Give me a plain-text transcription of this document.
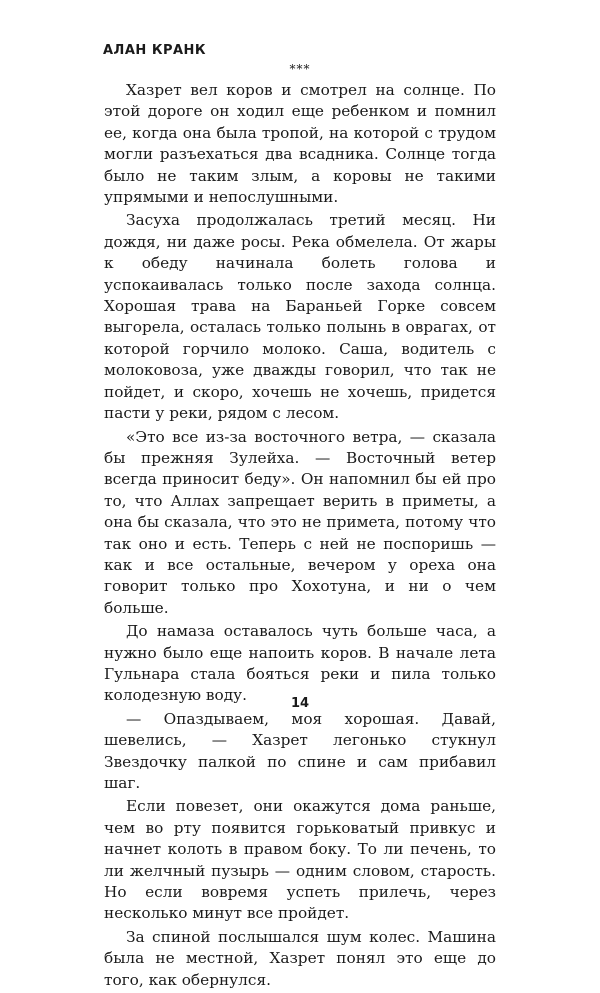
АЛАН КРАНК
***

Хазрет вел коров и смотрел на солнце. По этой дороге он ходил еще ребенком и помнил ее, когда она была тропой, на которой с трудом могли разъехаться два всадника. Солнце тогда было не таким злым, а коровы не такими упрямыми и непослушными.

Засуха продолжалась третий месяц. Ни дождя, ни даже росы. Река обмелела. От жары к обеду начинала болеть голова и успокаивалась только после захода солнца. Хорошая трава на Бараньей Горке совсем выгорела, осталась только полынь в оврагах, от которой горчило молоко. Саша, водитель с молоковоза, уже дважды говорил, что так не пойдет, и скоро, хочешь не хочешь, придется пасти у реки, рядом с лесом.

«Это все из-за восточного ветра, — сказала бы прежняя Зулейха. — Восточный ветер всегда приносит беду». Он напомнил бы ей про то, что Аллах запрещает верить в приметы, а она бы сказала, что это не примета, потому что так оно и есть. Теперь с ней не поспоришь — как и все остальные, вечером у ореха она говорит только про Хохотуна, и ни о чем больше.

До намаза оставалось чуть больше часа, а нужно было еще напоить коров. В начале лета Гульнара стала бояться реки и пила только колодезную воду.

— Опаздываем, моя хорошая. Давай, шевелись, — Хазрет легонько стукнул Звездочку палкой по спине и сам прибавил шаг.

Если повезет, они окажутся дома раньше, чем во рту появится горьковатый привкус и начнет колоть в правом боку. То ли печень, то ли желчный пузырь — одним словом, старость. Но если вовремя успеть прилечь, через несколько минут все пройдет.

За спиной послышался шум колес. Машина была не местной, Хазрет понял это еще до того, как обернулся.

14
